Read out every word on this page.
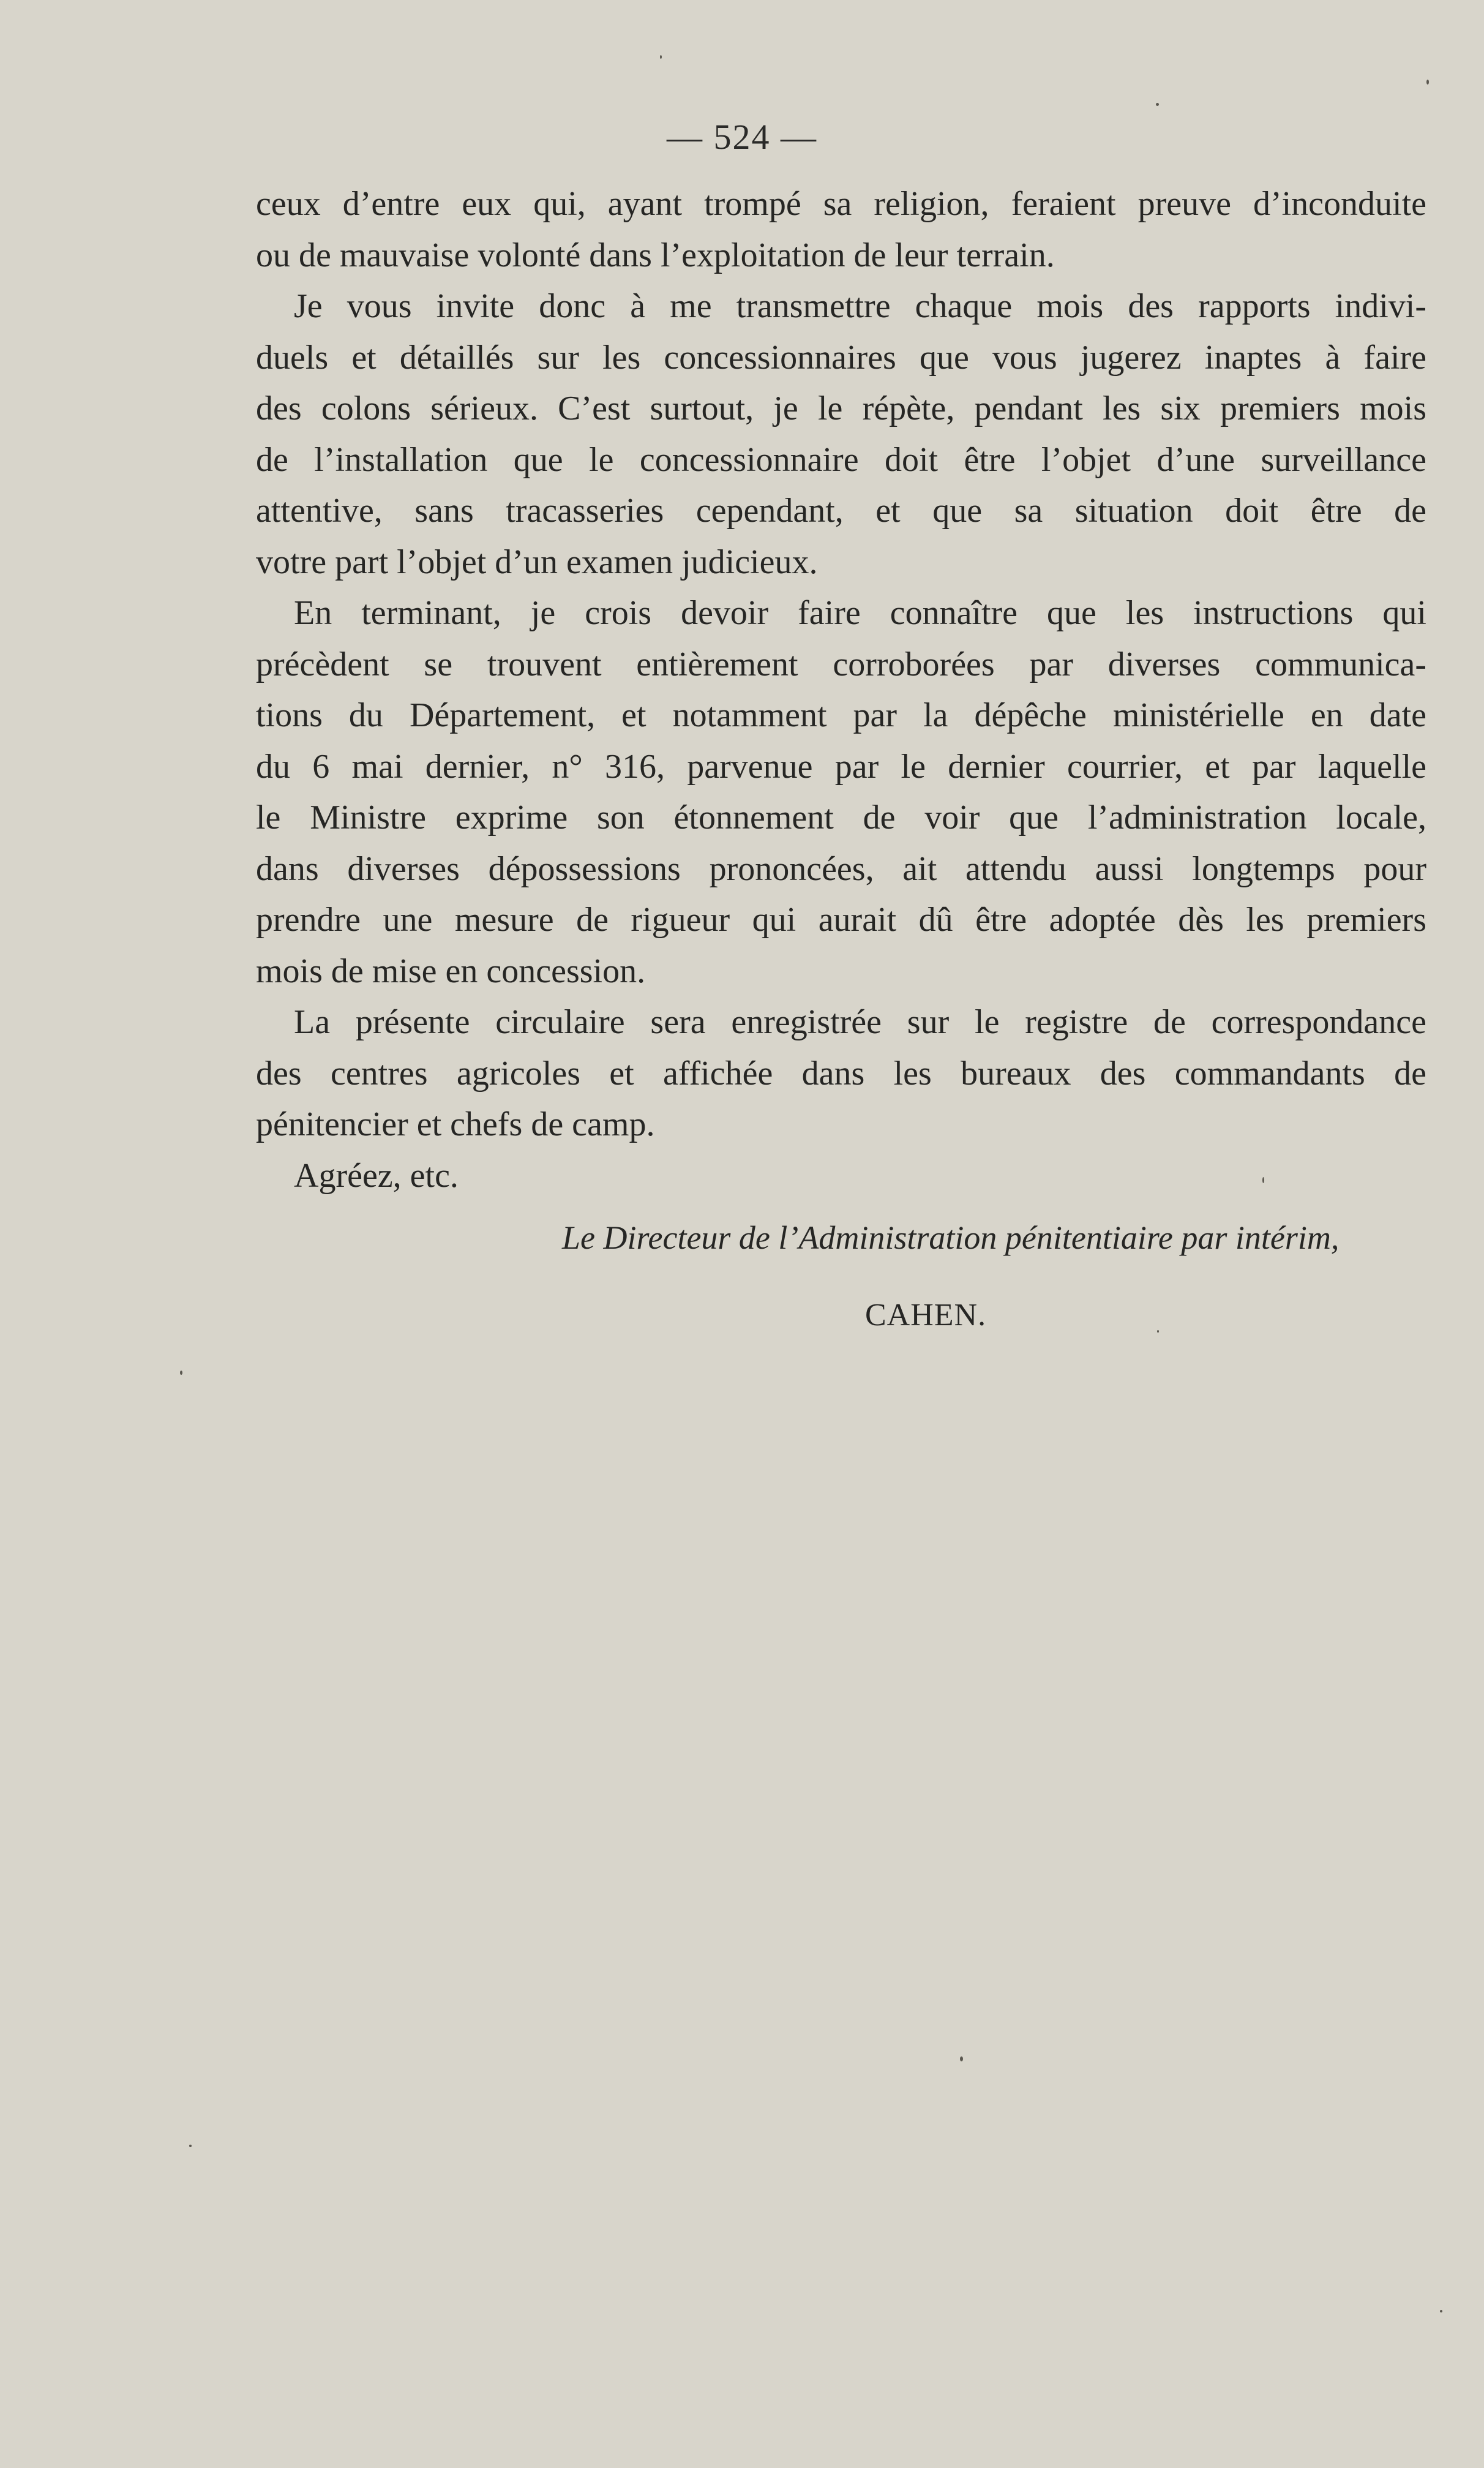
— 524 —
ceux d’entre eux qui, ayant trompé sa religion, feraient preuve d’inconduite
ou de mauvaise volonté dans l’exploitation de leur terrain.
Je vous invite donc à me transmettre chaque mois des rapports indivi-
duels et détaillés sur les concessionnaires que vous jugerez inaptes à faire
des colons sérieux. C’est surtout, je le répète, pendant les six premiers mois
de l’installation que le concessionnaire doit être l’objet d’une surveillance
attentive, sans tracasseries cependant, et que sa situation doit être de
votre part l’objet d’un examen judicieux.
En terminant, je crois devoir faire connaître que les instructions qui
précèdent se trouvent entièrement corroborées par diverses communica-
tions du Département, et notamment par la dépêche ministérielle en date
du 6 mai dernier, n° 316, parvenue par le dernier courrier, et par laquelle
le Ministre exprime son étonnement de voir que l’administration locale,
dans diverses dépossessions prononcées, ait attendu aussi longtemps pour
prendre une mesure de rigueur qui aurait dû être adoptée dès les premiers
mois de mise en concession.
La présente circulaire sera enregistrée sur le registre de correspondance
des centres agricoles et affichée dans les bureaux des commandants de
pénitencier et chefs de camp.
Agréez, etc.
Le Directeur de l’Administration pénitentiaire par intérim,
CAHEN.
